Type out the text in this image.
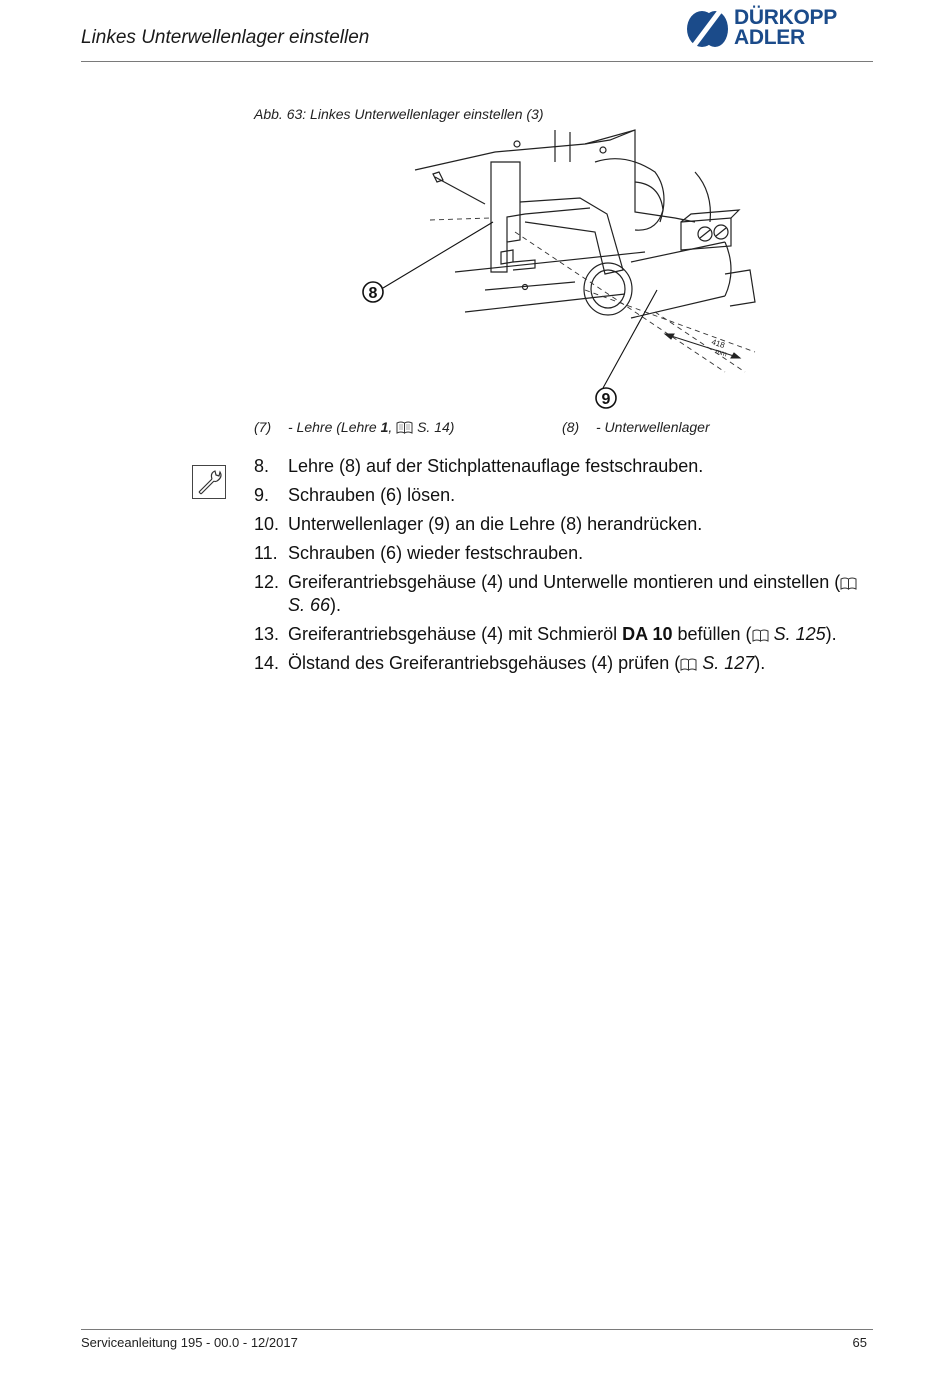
Linkes Unterwellenlager einstellen
DÜRKOPP
ADLER
Abb. 63: Linkes Unterwellenlager einstellen (3)
418
mm
8
9
(7) - Lehre (Lehre 1,  S. 14)	(8) - Unterwellenlager
8. Lehre (8) auf der Stichplattenauflage festschrauben.
9. Schrauben (6) lösen.
10. Unterwellenlager (9) an die Lehre (8) herandrücken.
11. Schrauben (6) wieder festschrauben.
12. Greiferantriebsgehäuse (4) und Unterwelle montieren und einstellen ( S. 66).
13. Greiferantriebsgehäuse (4) mit Schmieröl DA 10 befüllen ( S. 125).
14. Ölstand des Greiferantriebsgehäuses (4) prüfen ( S. 127).
Serviceanleitung 195 - 00.0 - 12/2017	65
